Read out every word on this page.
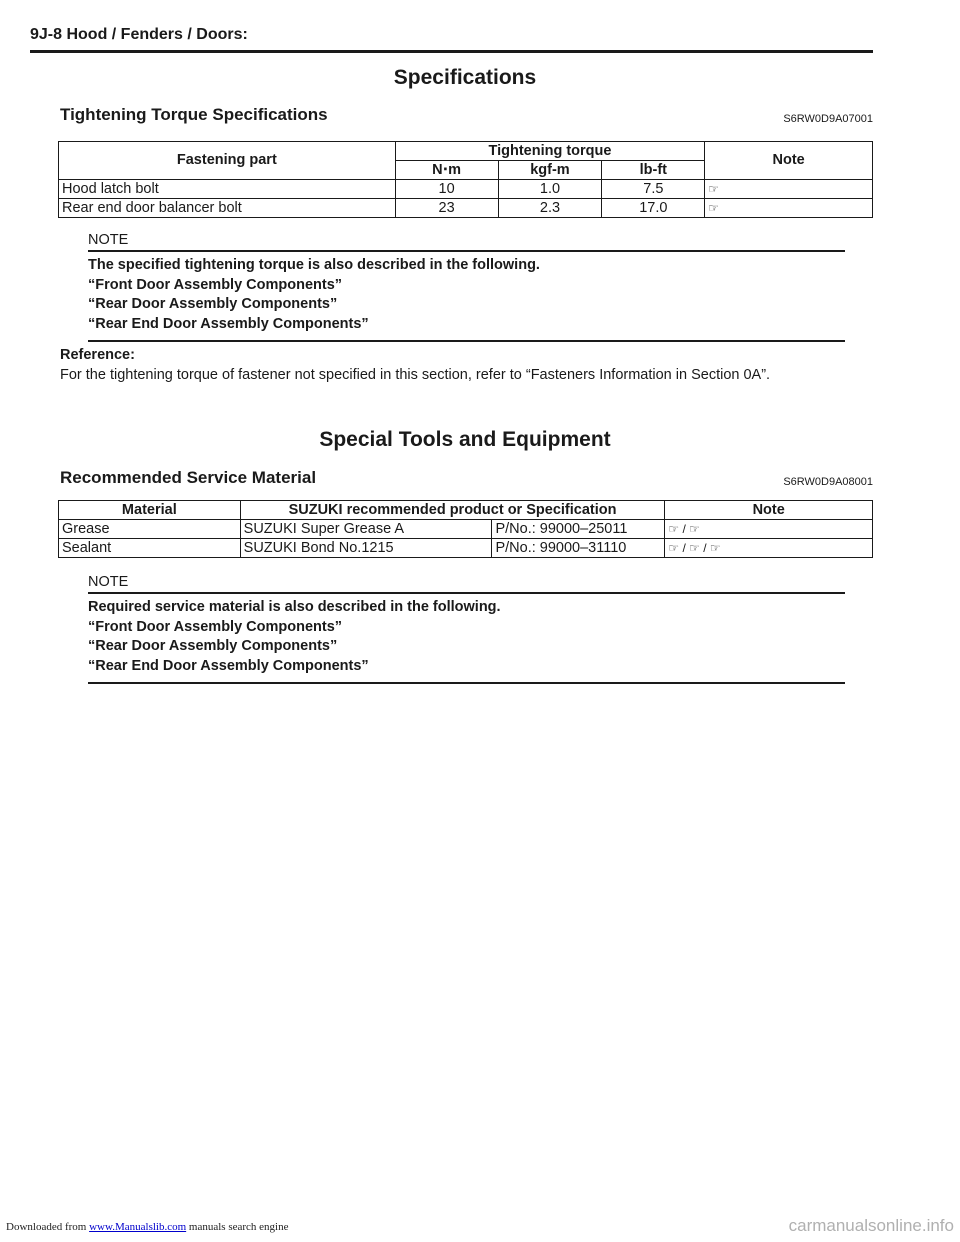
9J-8 Hood / Fenders / Doors:
Specifications
Tightening Torque Specifications	S6RW0D9A07001
Fastening part	Tightening torque			Note
	N⋅m	kgf-m	lb-ft	
Hood latch bolt	10	1.0	7.5	☞
Rear end door balancer bolt	23	2.3	17.0	☞
NOTE
The specified tightening torque is also described in the following.
“Front Door Assembly Components”
“Rear Door Assembly Components”
“Rear End Door Assembly Components”
Reference:
For the tightening torque of fastener not specified in this section, refer to “Fasteners Information in Section 0A”.
Special Tools and Equipment
Recommended Service Material	S6RW0D9A08001
Material	SUZUKI recommended product or Specification		Note
Grease	SUZUKI Super Grease A	P/No.: 99000–25011	☞ / ☞
Sealant	SUZUKI Bond No.1215	P/No.: 99000–31110	☞ / ☞ / ☞
NOTE
Required service material is also described in the following.
“Front Door Assembly Components”
“Rear Door Assembly Components”
“Rear End Door Assembly Components”
Downloaded from www.Manualslib.com manuals search engine	carmanualsonline.info
